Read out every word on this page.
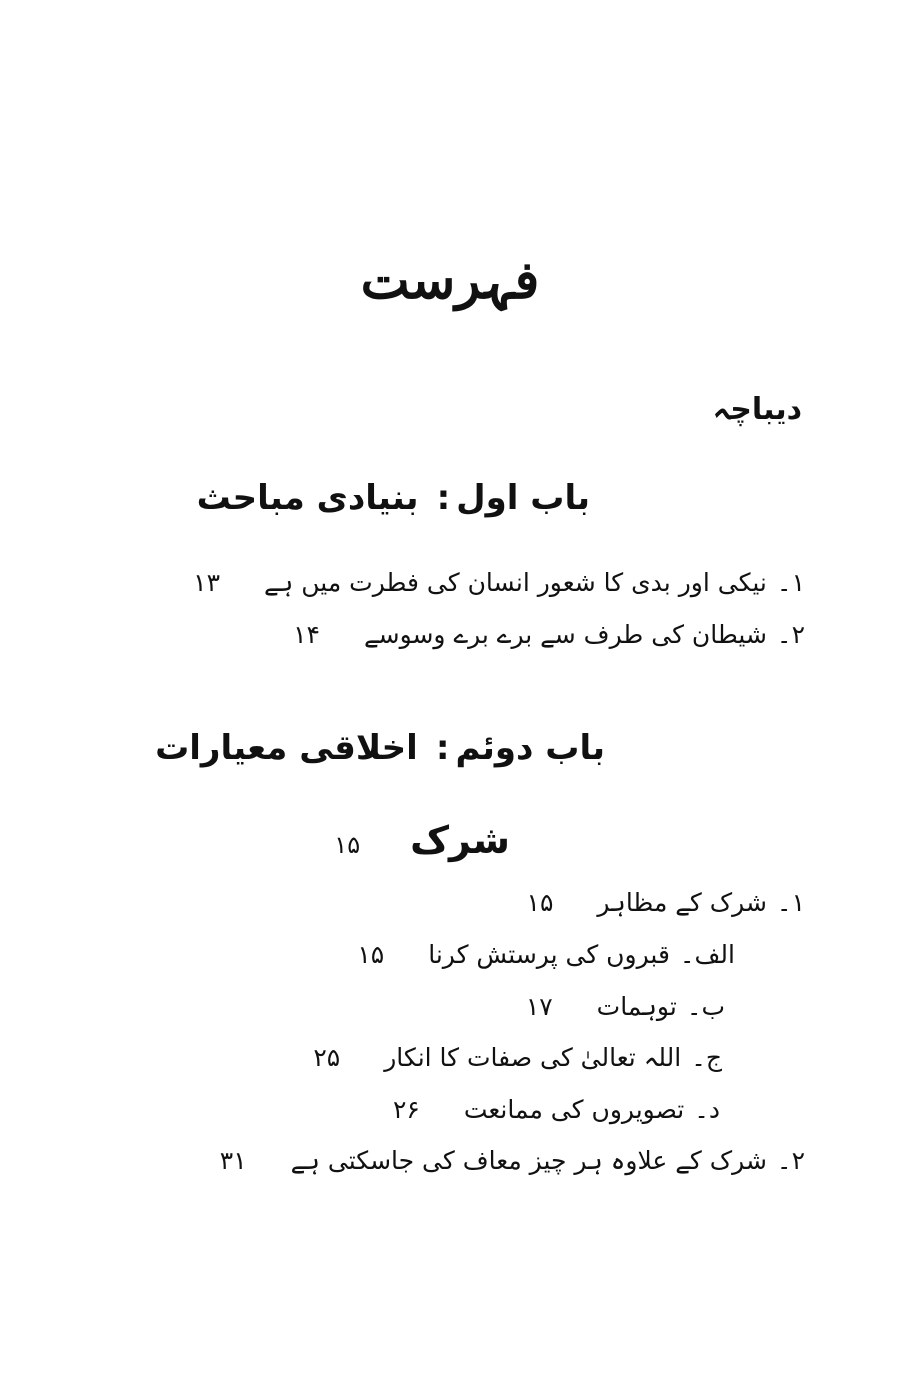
فہرست
دیباچہ
باب اول:بنیادی مباحث
۱۔نیکی اور بدی کا شعور انسان کی فطرت میں ہے۱۳
۲۔شیطان کی طرف سے برے برے وسوسے۱۴
باب دوئم:اخلاقی معیارات
شرک۱۵
۱۔شرک کے مظاہر۱۵
الف۔قبروں کی پرستش کرنا۱۵
ب۔توہمات۱۷
ج۔اللہ تعالیٰ کی صفات کا انکار۲۵
د۔تصویروں کی ممانعت۲۶
۲۔شرک کے علاوہ ہر چیز معاف کی جاسکتی ہے۳۱
